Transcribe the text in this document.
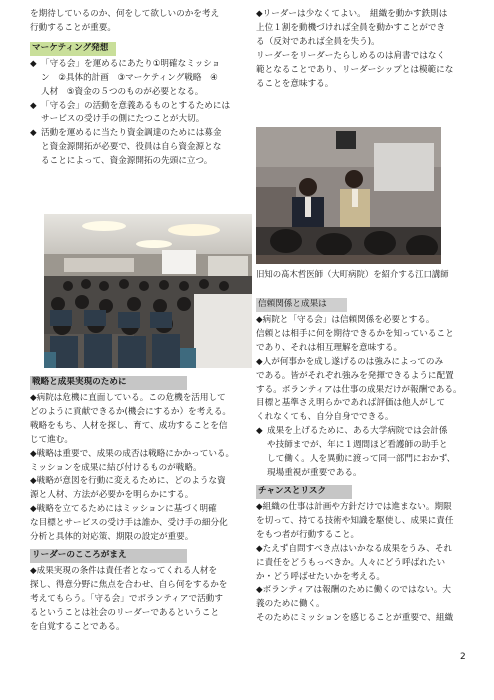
を期待しているのか、何をして欲しいのかを考え

行動することが重要。

マーケティング発想
◆ 「守る会」を運めるにあたり①明確なミッショ

ン　②具体的計画　③マーケティング戦略　④

人材　⑤資金の５つのものが必要となる。

◆ 「守る会」の活動を意義あるものとするためには

サービスの受け手の側にたつことが大切。

◆ 活動を運めるに当たり資金調達のためには募金

と資金源開拓が必要で、役員は自ら資金源とな

ることによって、資金源開拓の先頭に立つ。

戦略と成果実現のために

◆病院は危機に直面している。この危機を活用して

どのように貢献できるか(機会にするか）を考える。

戦略をもち、人材を探し、育て、成功することを信

じて進む。

◆戦略は重要で、成果の成否は戦略にかかっている。

ミッションを成果に結び付けるものが戦略。

◆戦略が意図を行動に変えるために、どのような資

源と人材、方法が必要かを明らかにする。

◆戦略を立てるためにはミッションに基づく明確

な目標とサービスの受け手は誰か、受け手の細分化

分析と具体的対応策、期限の設定が重要。

リーダーのこころがまえ

◆成果実現の条件は責任者となってくれる人材を

探し、得意分野に焦点を合わせ、自ら何をするかを

考えてもらう。「守る会」でボランティアで活動す

るということは社会のリーダーであるということ

を自覚することである。

◆リーダーは少なくてよい。　組織を動かす鉄則は

上位１割を動機づければ全員を動かすことができ

る（反対であれば全員を失う)。

リーダーをリーダーたらしめるのは肩書ではなく

範となることであり、リーダーシップとは模範にな

ることを意味する。

旧知の髙木哲医師（大町病院）を紹介する江口講師
信頼関係と成果は

◆病院と「守る会」は信頼関係を必要とする。

信頼とは相手に何を期待できるかを知っていること

であり、それは相互理解を意味する。

◆人が何事かを成し遂げるのは強みによってのみ

である。皆がそれぞれ強みを発揮できるように配置

する。ボランティアは仕事の成果だけが報酬である。

目標と基準さえ明らかであれば評価は他人がして

くれなくても、自分自身でできる。

◆ 成果を上げるために、ある大学病院では会計係

や技師までが、年に１週間ほど看護師の助手と

して働く。人を異動に渡って同一部門におかず、

現場重視が重要である。

チャンスとリスク

◆組織の仕事は計画や方針だけでは進まない。期限

を切って、持てる技術や知識を駆使し、成果に責任

をもつ者が行動すること。

◆たえず自問すべき点はいかなる成果をうみ、それ

に責任をどうもっべきか。人々にどう呼ばれたい

か・どう呼ばせたいかを考える。

◆ボランティアは報酬のために働くのではない。大

義のために働く。

そのためにミッションを感じることが重要で、組織

2
